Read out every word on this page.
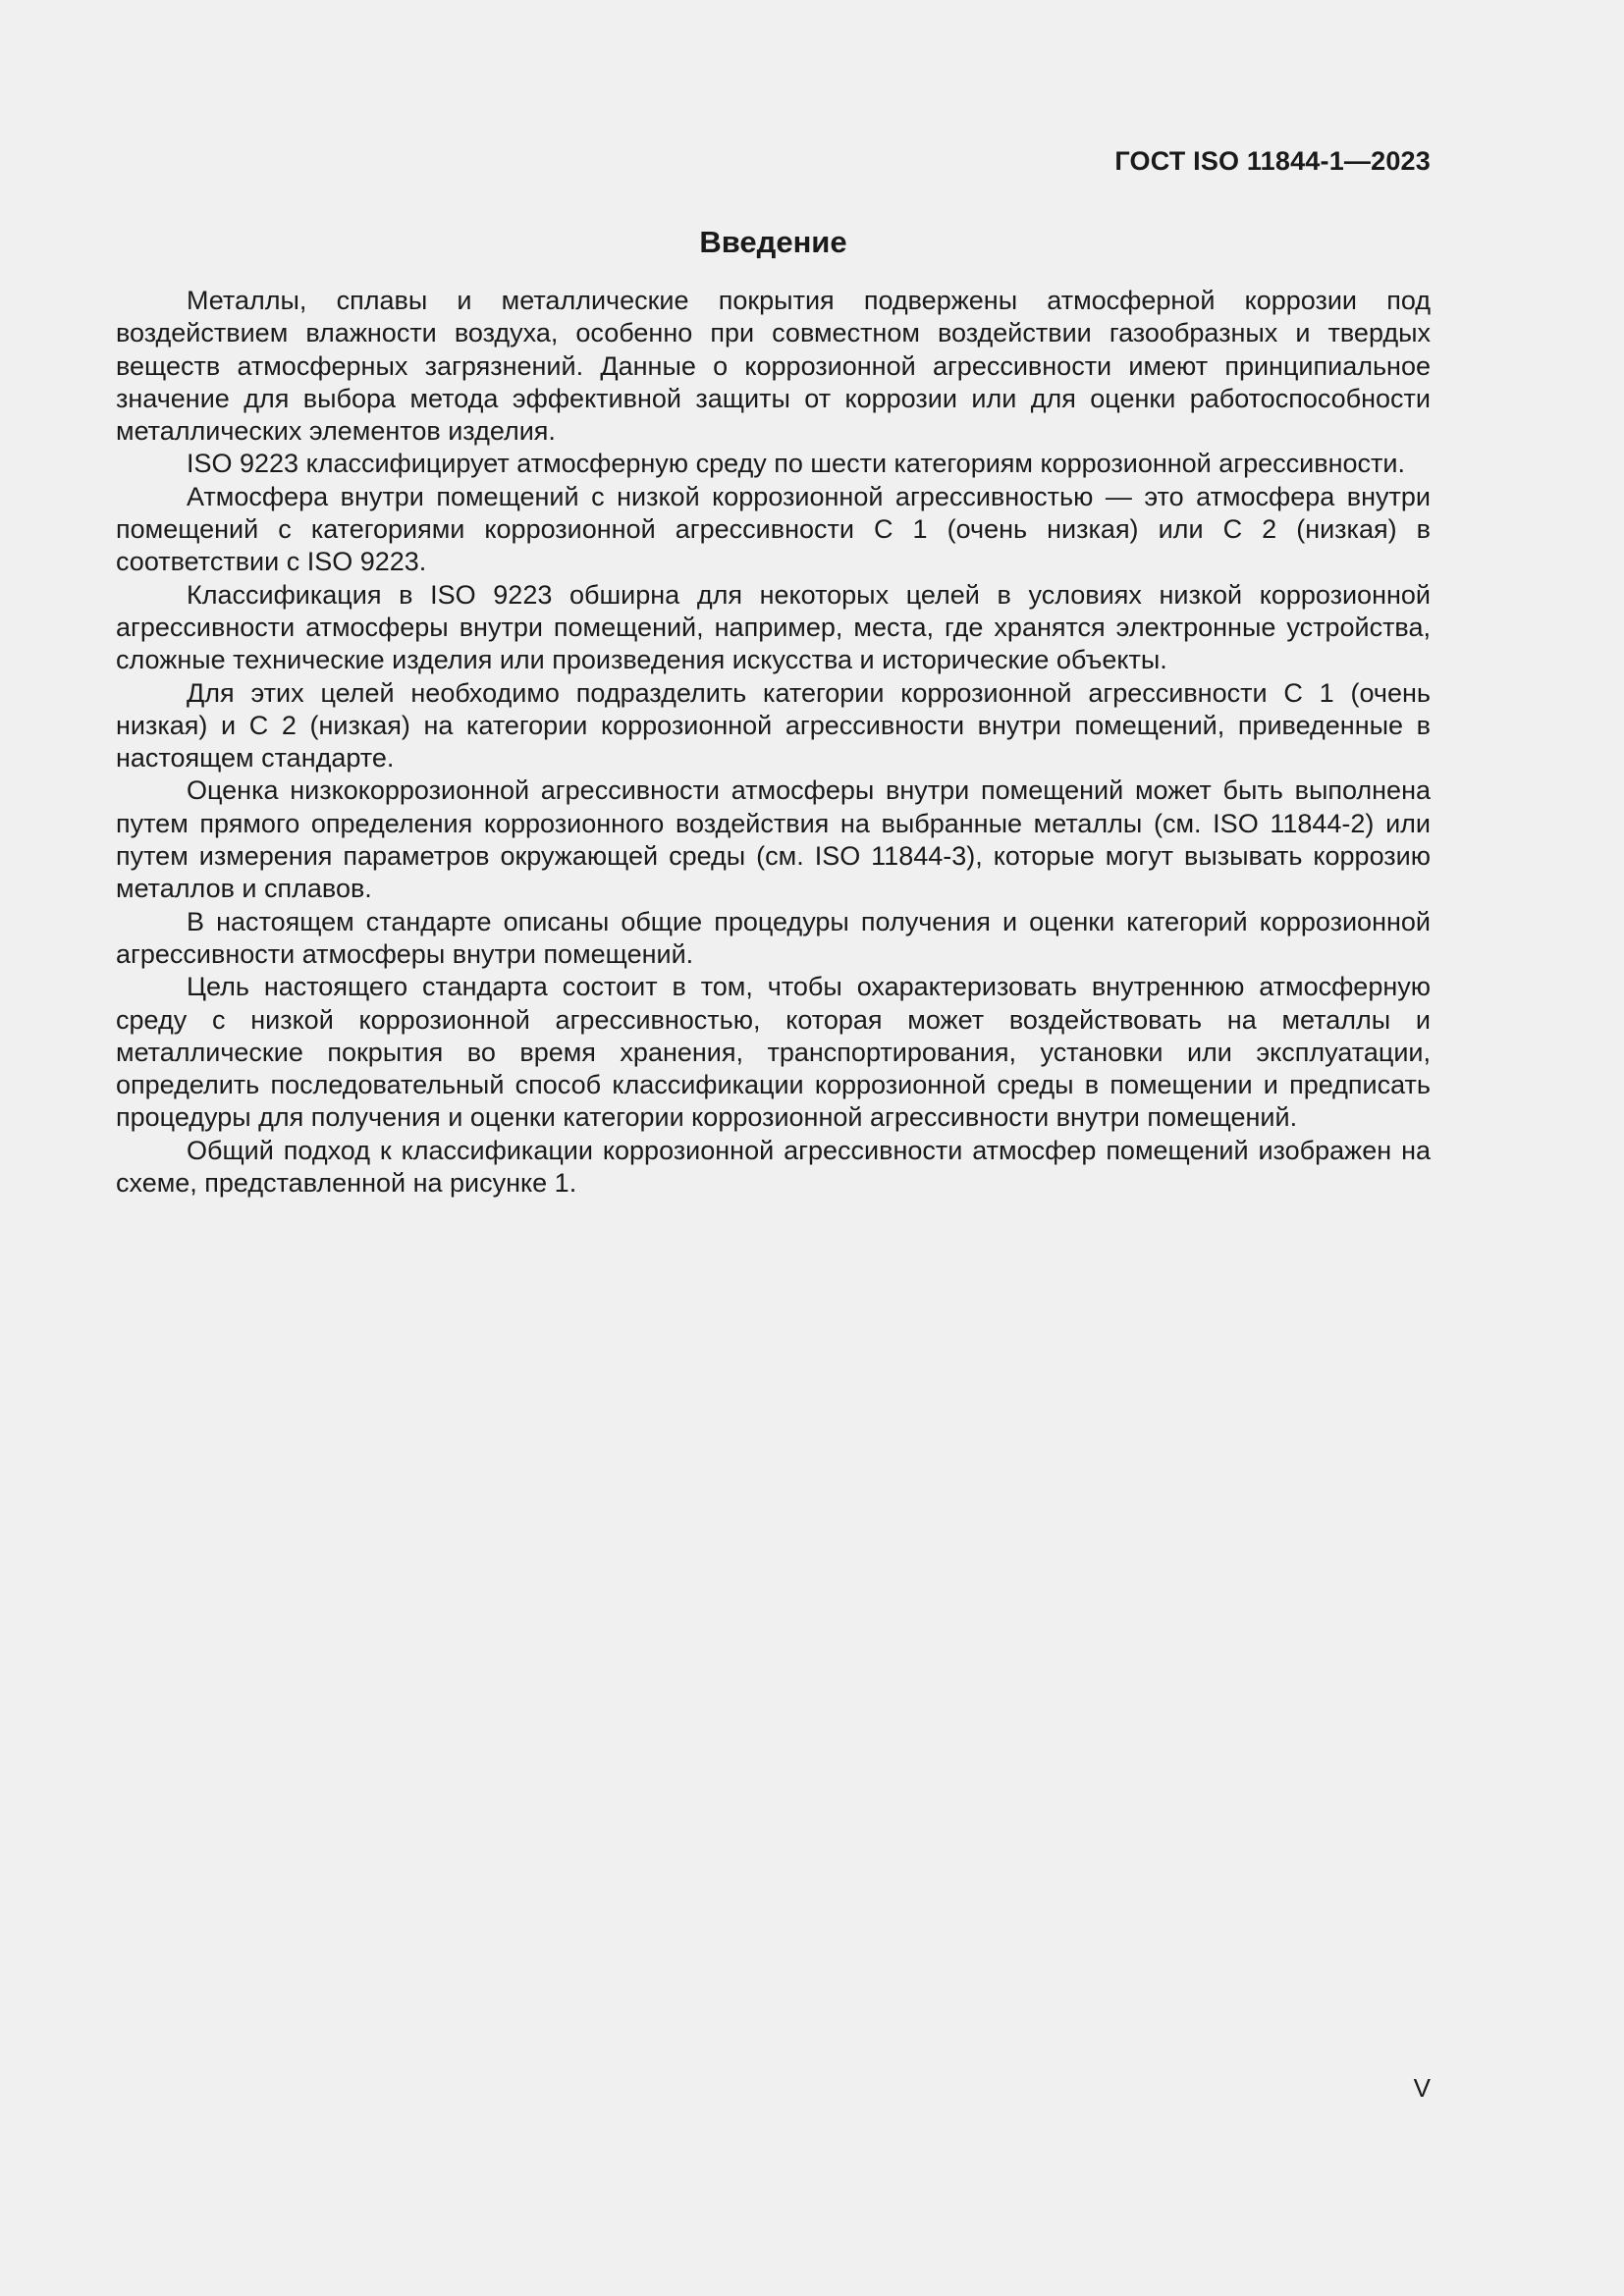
ГОСТ ISO 11844-1—2023

Введение

Металлы, сплавы и металлические покрытия подвержены атмосферной коррозии под воздействием влажности воздуха, особенно при совместном воздействии газообразных и твердых веществ атмосферных загрязнений. Данные о коррозионной агрессивности имеют принципиальное значение для выбора метода эффективной защиты от коррозии или для оценки работоспособности металлических элементов изделия.

ISO 9223 классифицирует атмосферную среду по шести категориям коррозионной агрессивности.

Атмосфера внутри помещений с низкой коррозионной агрессивностью — это атмосфера внутри помещений с категориями коррозионной агрессивности С 1 (очень низкая) или С 2 (низкая) в соответствии с ISO 9223.

Классификация в ISO 9223 обширна для некоторых целей в условиях низкой коррозионной агрессивности атмосферы внутри помещений, например, места, где хранятся электронные устройства, сложные технические изделия или произведения искусства и исторические объекты.

Для этих целей необходимо подразделить категории коррозионной агрессивности С 1 (очень низкая) и С 2 (низкая) на категории коррозионной агрессивности внутри помещений, приведенные в настоящем стандарте.

Оценка низкокоррозионной агрессивности атмосферы внутри помещений может быть выполнена путем прямого определения коррозионного воздействия на выбранные металлы (см. ISO 11844-2) или путем измерения параметров окружающей среды (см. ISO 11844-3), которые могут вызывать коррозию металлов и сплавов.

В настоящем стандарте описаны общие процедуры получения и оценки категорий коррозионной агрессивности атмосферы внутри помещений.

Цель настоящего стандарта состоит в том, чтобы охарактеризовать внутреннюю атмосферную среду с низкой коррозионной агрессивностью, которая может воздействовать на металлы и металлические покрытия во время хранения, транспортирования, установки или эксплуатации, определить последовательный способ классификации коррозионной среды в помещении и предписать процедуры для получения и оценки категории коррозионной агрессивности внутри помещений.

Общий подход к классификации коррозионной агрессивности атмосфер помещений изображен на схеме, представленной на рисунке 1.

V
